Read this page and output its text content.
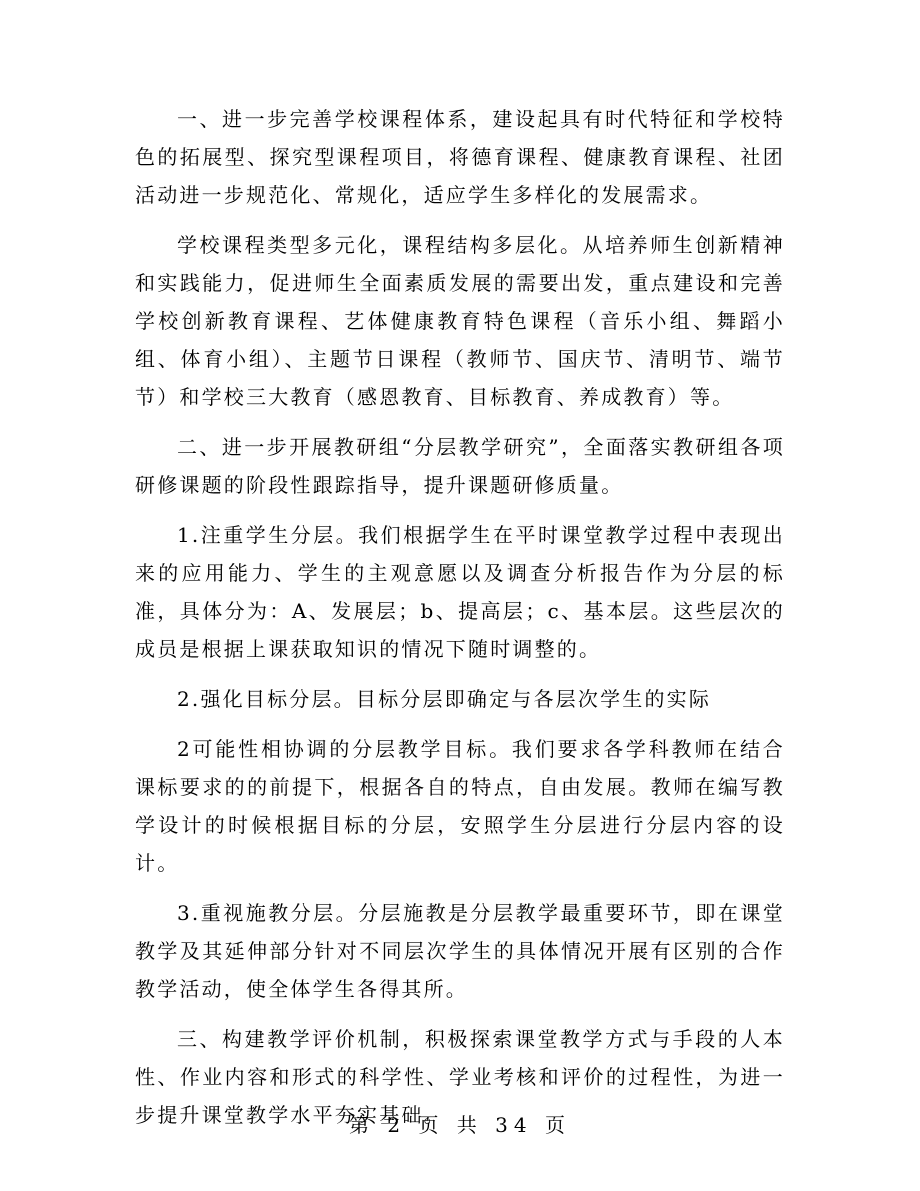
一、进一步完善学校课程体系，建设起具有时代特征和学校特色的拓展型、探究型课程项目，将德育课程、健康教育课程、社团活动进一步规范化、常规化，适应学生多样化的发展需求。

学校课程类型多元化，课程结构多层化。从培养师生创新精神和实践能力，促进师生全面素质发展的需要出发，重点建设和完善学校创新教育课程、艺体健康教育特色课程（音乐小组、舞蹈小组、体育小组）、主题节日课程（教师节、国庆节、清明节、端节节）和学校三大教育（感恩教育、目标教育、养成教育）等。

二、进一步开展教研组“分层教学研究”，全面落实教研组各项研修课题的阶段性跟踪指导，提升课题研修质量。

1.注重学生分层。我们根据学生在平时课堂教学过程中表现出来的应用能力、学生的主观意愿以及调查分析报告作为分层的标准，具体分为：A、发展层；b、提高层；c、基本层。这些层次的成员是根据上课获取知识的情况下随时调整的。

2.强化目标分层。目标分层即确定与各层次学生的实际

2可能性相协调的分层教学目标。我们要求各学科教师在结合课标要求的的前提下，根据各自的特点，自由发展。教师在编写教学设计的时候根据目标的分层，安照学生分层进行分层内容的设计。

3.重视施教分层。分层施教是分层教学最重要环节，即在课堂教学及其延伸部分针对不同层次学生的具体情况开展有区别的合作教学活动，使全体学生各得其所。

三、构建教学评价机制，积极探索课堂教学方式与手段的人本性、作业内容和形式的科学性、学业考核和评价的过程性，为进一步提升课堂教学水平夯实基础。

第 2 页 共 34 页
